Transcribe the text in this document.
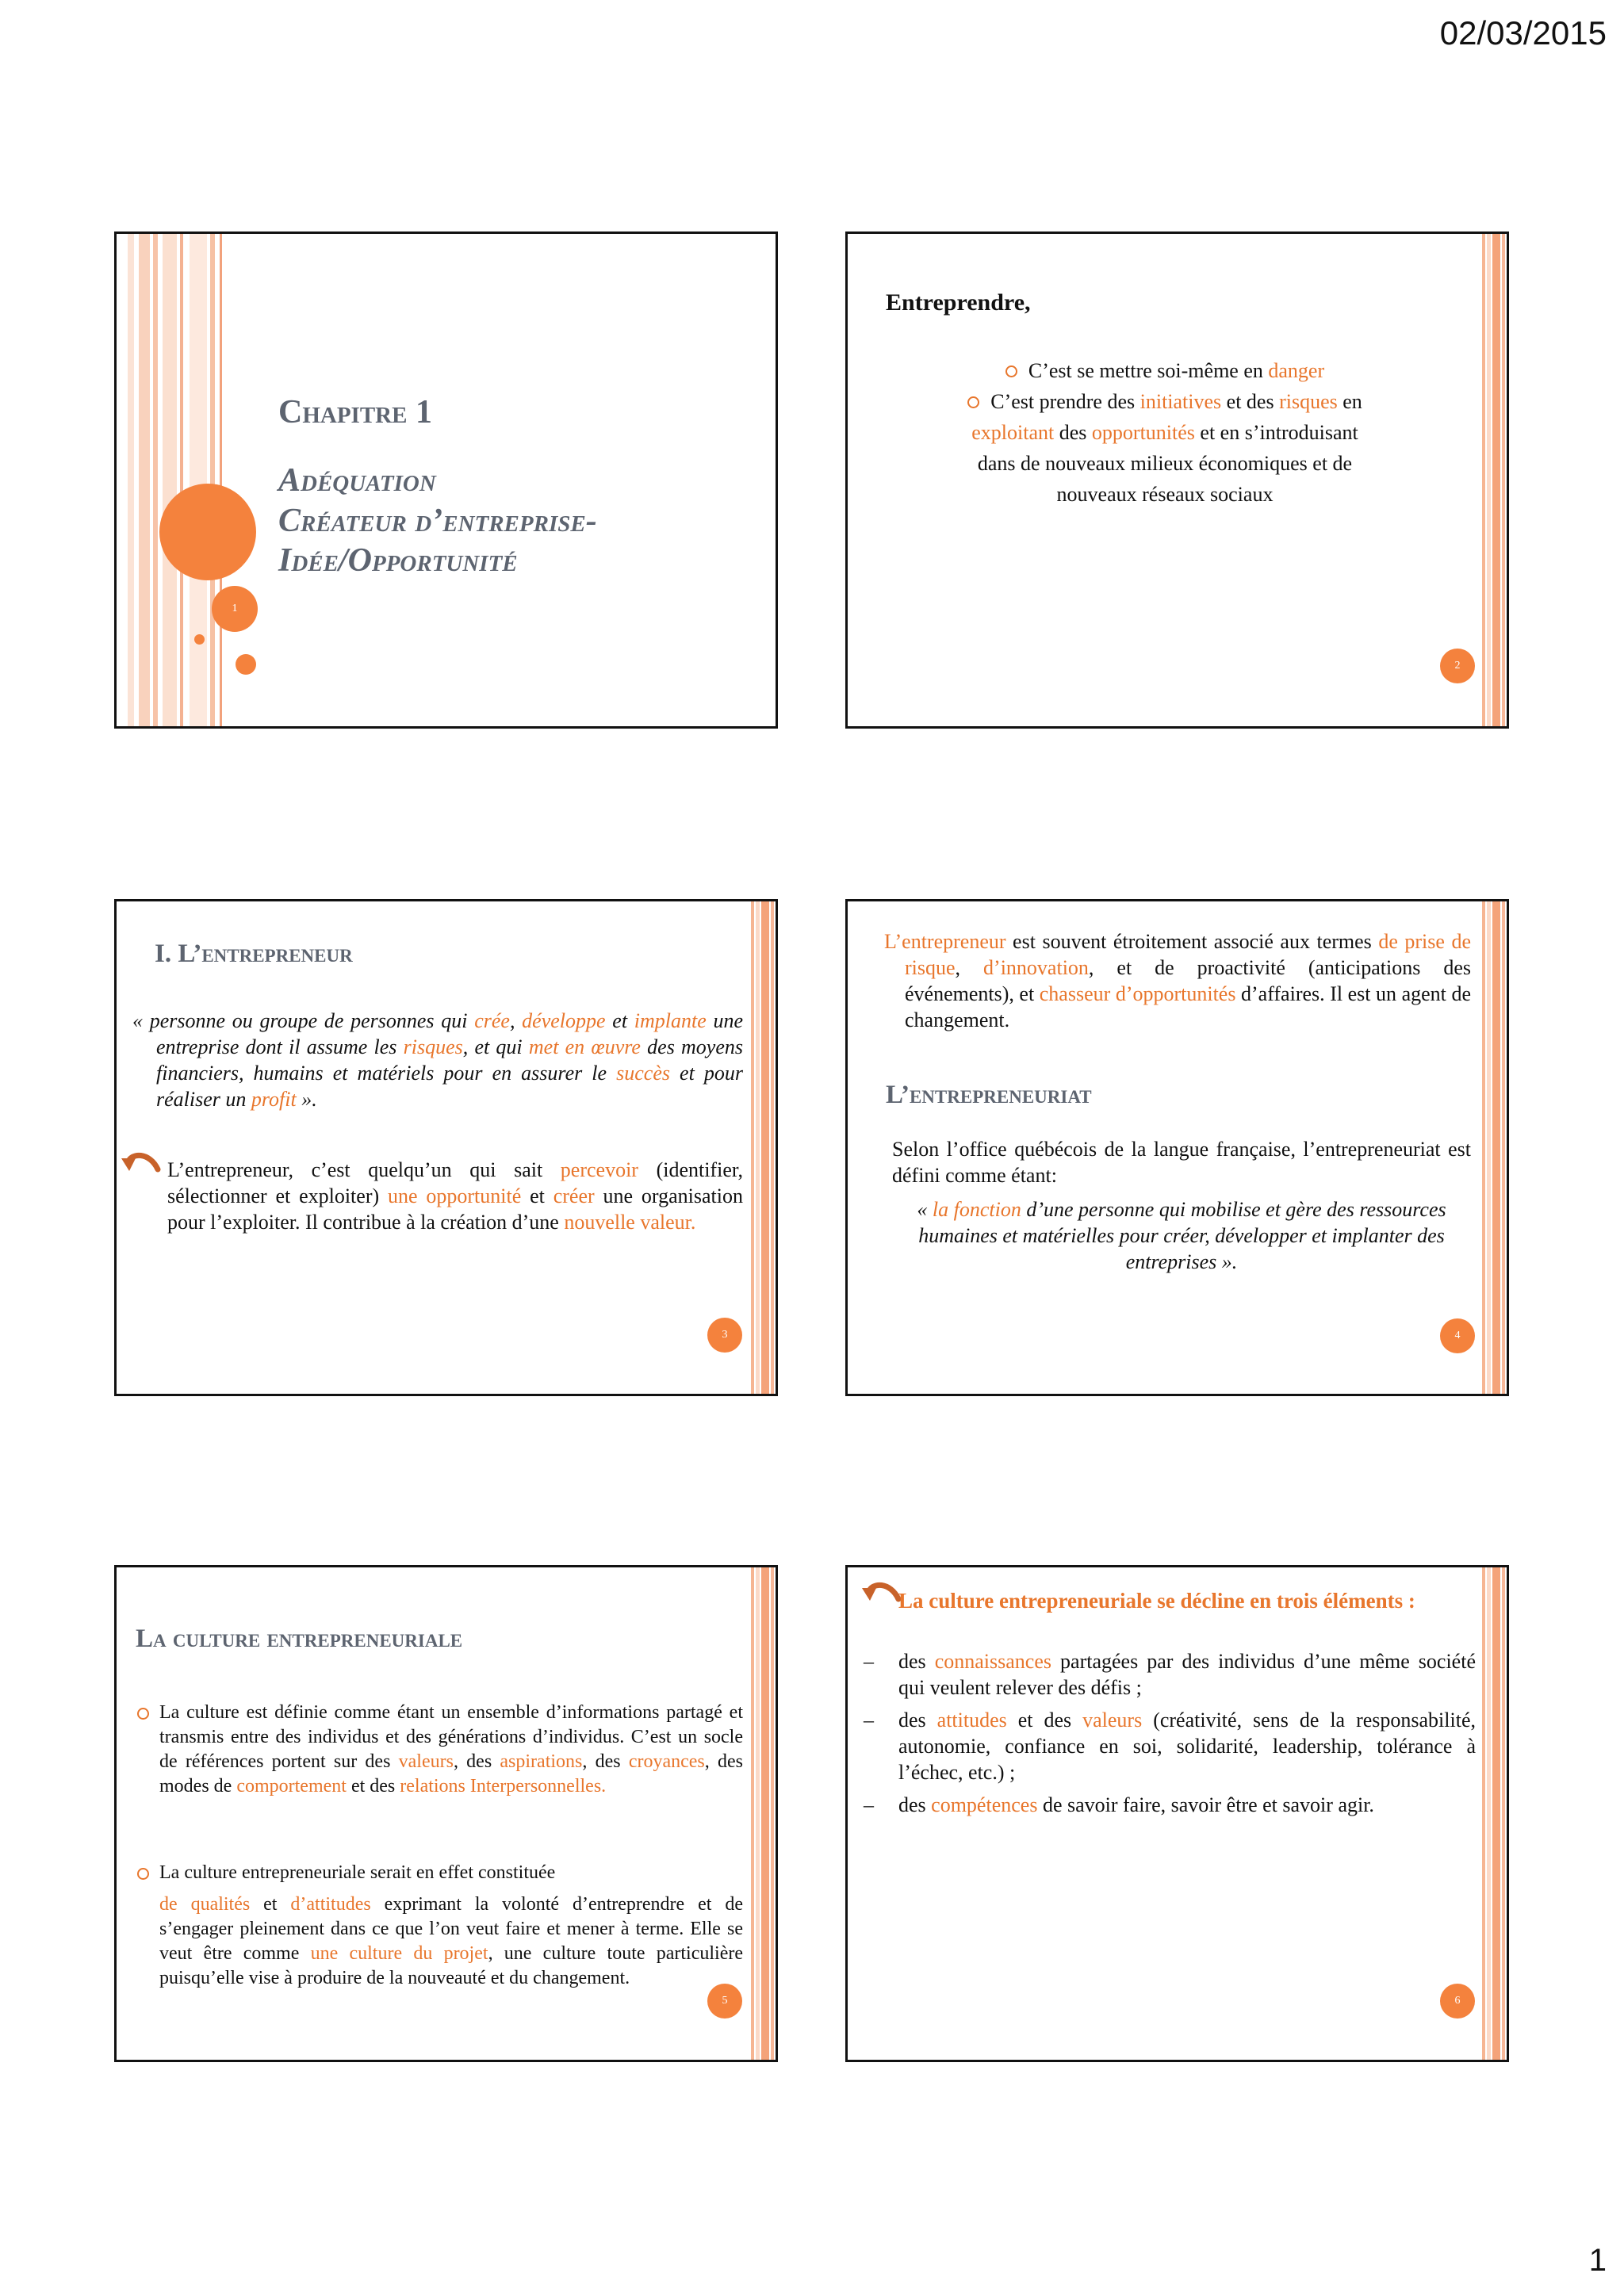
02/03/2015
1
Chapitre 1
Adéquation
Créateur d’entreprise-
Idée/Opportunité
Entreprendre,
C’est se mettre soi-même en danger
C’est prendre des initiatives et des risques en
exploitant des opportunités et en s’introduisant
dans de nouveaux milieux économiques et de
nouveaux réseaux sociaux
2
I. L’entrepreneur
« personne ou groupe de personnes qui crée, développe et implante une entreprise dont il assume les risques, et qui met en œuvre des moyens financiers, humains et matériels pour en assurer le succès et pour réaliser un profit ».
L’entrepreneur, c’est quelqu’un qui sait percevoir (identifier, sélectionner et exploiter) une opportunité et créer une organisation pour l’exploiter. Il contribue à la création d’une nouvelle valeur.
3
L’entrepreneur est souvent étroitement associé aux termes de prise de risque, d’innovation, et de proactivité (anticipations des événements), et chasseur d’opportunités d’affaires. Il est un agent de changement.
L’entrepreneuriat
Selon l’office québécois de la langue française, l’entrepreneuriat est défini comme étant:
« la fonction d’une personne qui mobilise et gère des ressources humaines et matérielles pour créer, développer et implanter des entreprises ».
4
La culture entrepreneuriale
La culture est définie comme étant un ensemble d’informations partagé et transmis entre des individus et des générations d’individus. C’est un socle de références portent sur des valeurs, des aspirations, des croyances, des modes de comportement et des relations Interpersonnelles.
La culture entrepreneuriale serait en effet constituée
de qualités et d’attitudes exprimant la volonté d’entreprendre et de s’engager pleinement dans ce que l’on veut faire et mener à terme. Elle se veut être comme une culture du projet, une culture toute particulière puisqu’elle vise à produire de la nouveauté et du changement.
5
La culture entrepreneuriale se décline en trois éléments :
– des connaissances partagées par des individus d’une même société qui veulent relever des défis ;
– des attitudes et des valeurs (créativité, sens de la responsabilité, autonomie, confiance en soi, solidarité, leadership, tolérance à l’échec, etc.) ;
– des compétences de savoir faire, savoir être et savoir agir.
6
1
